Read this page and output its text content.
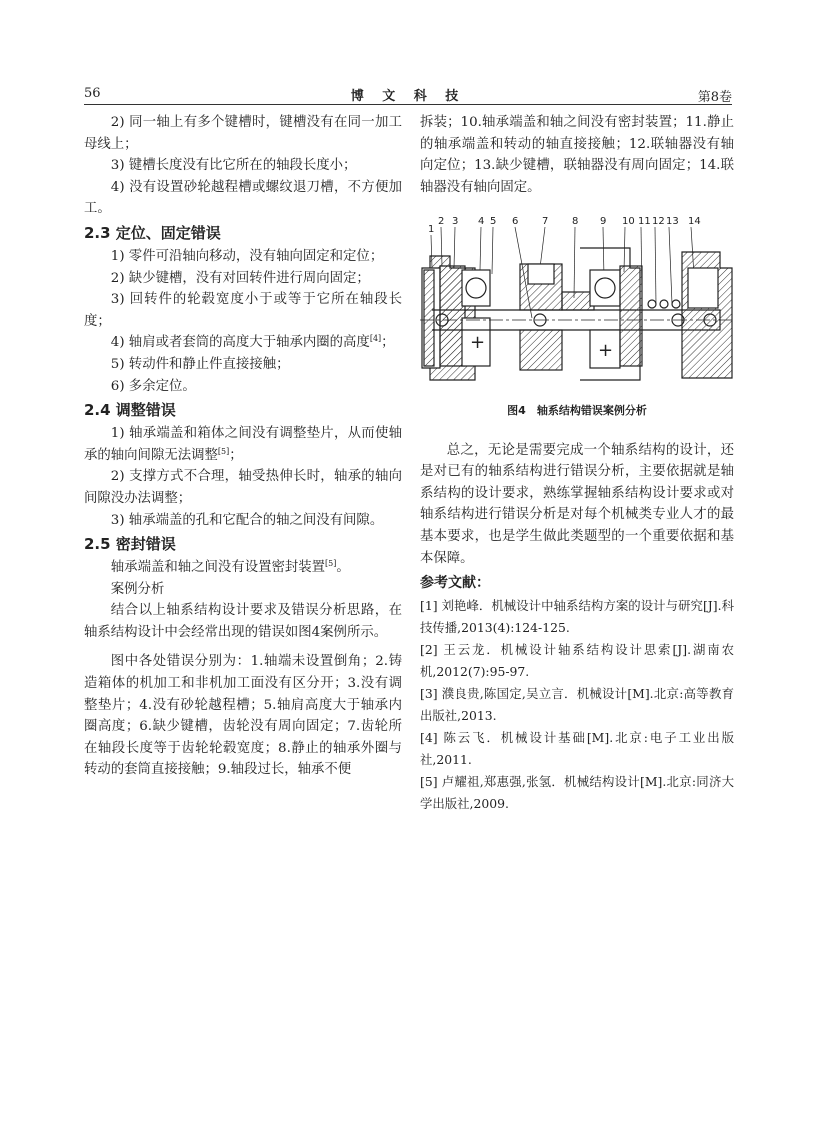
56	博 文 科 技	第8卷

2) 同一轴上有多个键槽时，键槽没有在同一加工母线上；

3) 键槽长度没有比它所在的轴段长度小；

4) 没有设置砂轮越程槽或螺纹退刀槽，不方便加工。

2.3 定位、固定错误

1) 零件可沿轴向移动，没有轴向固定和定位；

2) 缺少键槽，没有对回转件进行周向固定；

3) 回转件的轮毂宽度小于或等于它所在轴段长度；

4) 轴肩或者套筒的高度大于轴承内圈的高度[4]；

5) 转动件和静止件直接接触；

6) 多余定位。

2.4 调整错误

1) 轴承端盖和箱体之间没有调整垫片，从而使轴承的轴向间隙无法调整[5]；

2) 支撑方式不合理，轴受热伸长时，轴承的轴向间隙没办法调整；

3) 轴承端盖的孔和它配合的轴之间没有间隙。

2.5 密封错误

轴承端盖和轴之间没有设置密封装置[5]。

案例分析

结合以上轴系结构设计要求及错误分析思路，在轴系结构设计中会经常出现的错误如图4案例所示。

图中各处错误分别为：1.轴端未设置倒角；2.铸造箱体的机加工和非机加工面没有区分开；3.没有调整垫片；4.没有砂轮越程槽；5.轴肩高度大于轴承内圈高度；6.缺少键槽，齿轮没有周向固定；7.齿轮所在轴段长度等于齿轮轮毂宽度；8.静止的轴承外圈与转动的套筒直接接触；9.轴段过长，轴承不便

拆装；10.轴承端盖和轴之间没有密封装置；11.静止的轴承端盖和转动的轴直接接触；12.联轴器没有轴向定位；13.缺少键槽，联轴器没有周向固定；14.联轴器没有轴向固定。

+	+
1
2 3 4 5 6 7 8 9 10 11 12 13 14
图4　轴系结构错误案例分析

总之，无论是需要完成一个轴系结构的设计，还是对已有的轴系结构进行错误分析，主要依据就是轴系结构的设计要求，熟练掌握轴系结构设计要求或对轴系结构进行错误分析是对每个机械类专业人才的最基本要求，也是学生做此类题型的一个重要依据和基本保障。

参考文献：
[1] 刘艳峰．机械设计中轴系结构方案的设计与研究[J].科技传播,2013(4):124-125.
[2] 王云龙．机械设计轴系结构设计思索[J].湖南农机,2012(7):95-97.
[3] 濮良贵,陈国定,吴立言．机械设计[M].北京:高等教育出版社,2013.
[4] 陈云飞．机械设计基础[M].北京:电子工业出版社,2011.
[5] 卢耀祖,郑惠强,张氢．机械结构设计[M].北京:同济大学出版社,2009.
